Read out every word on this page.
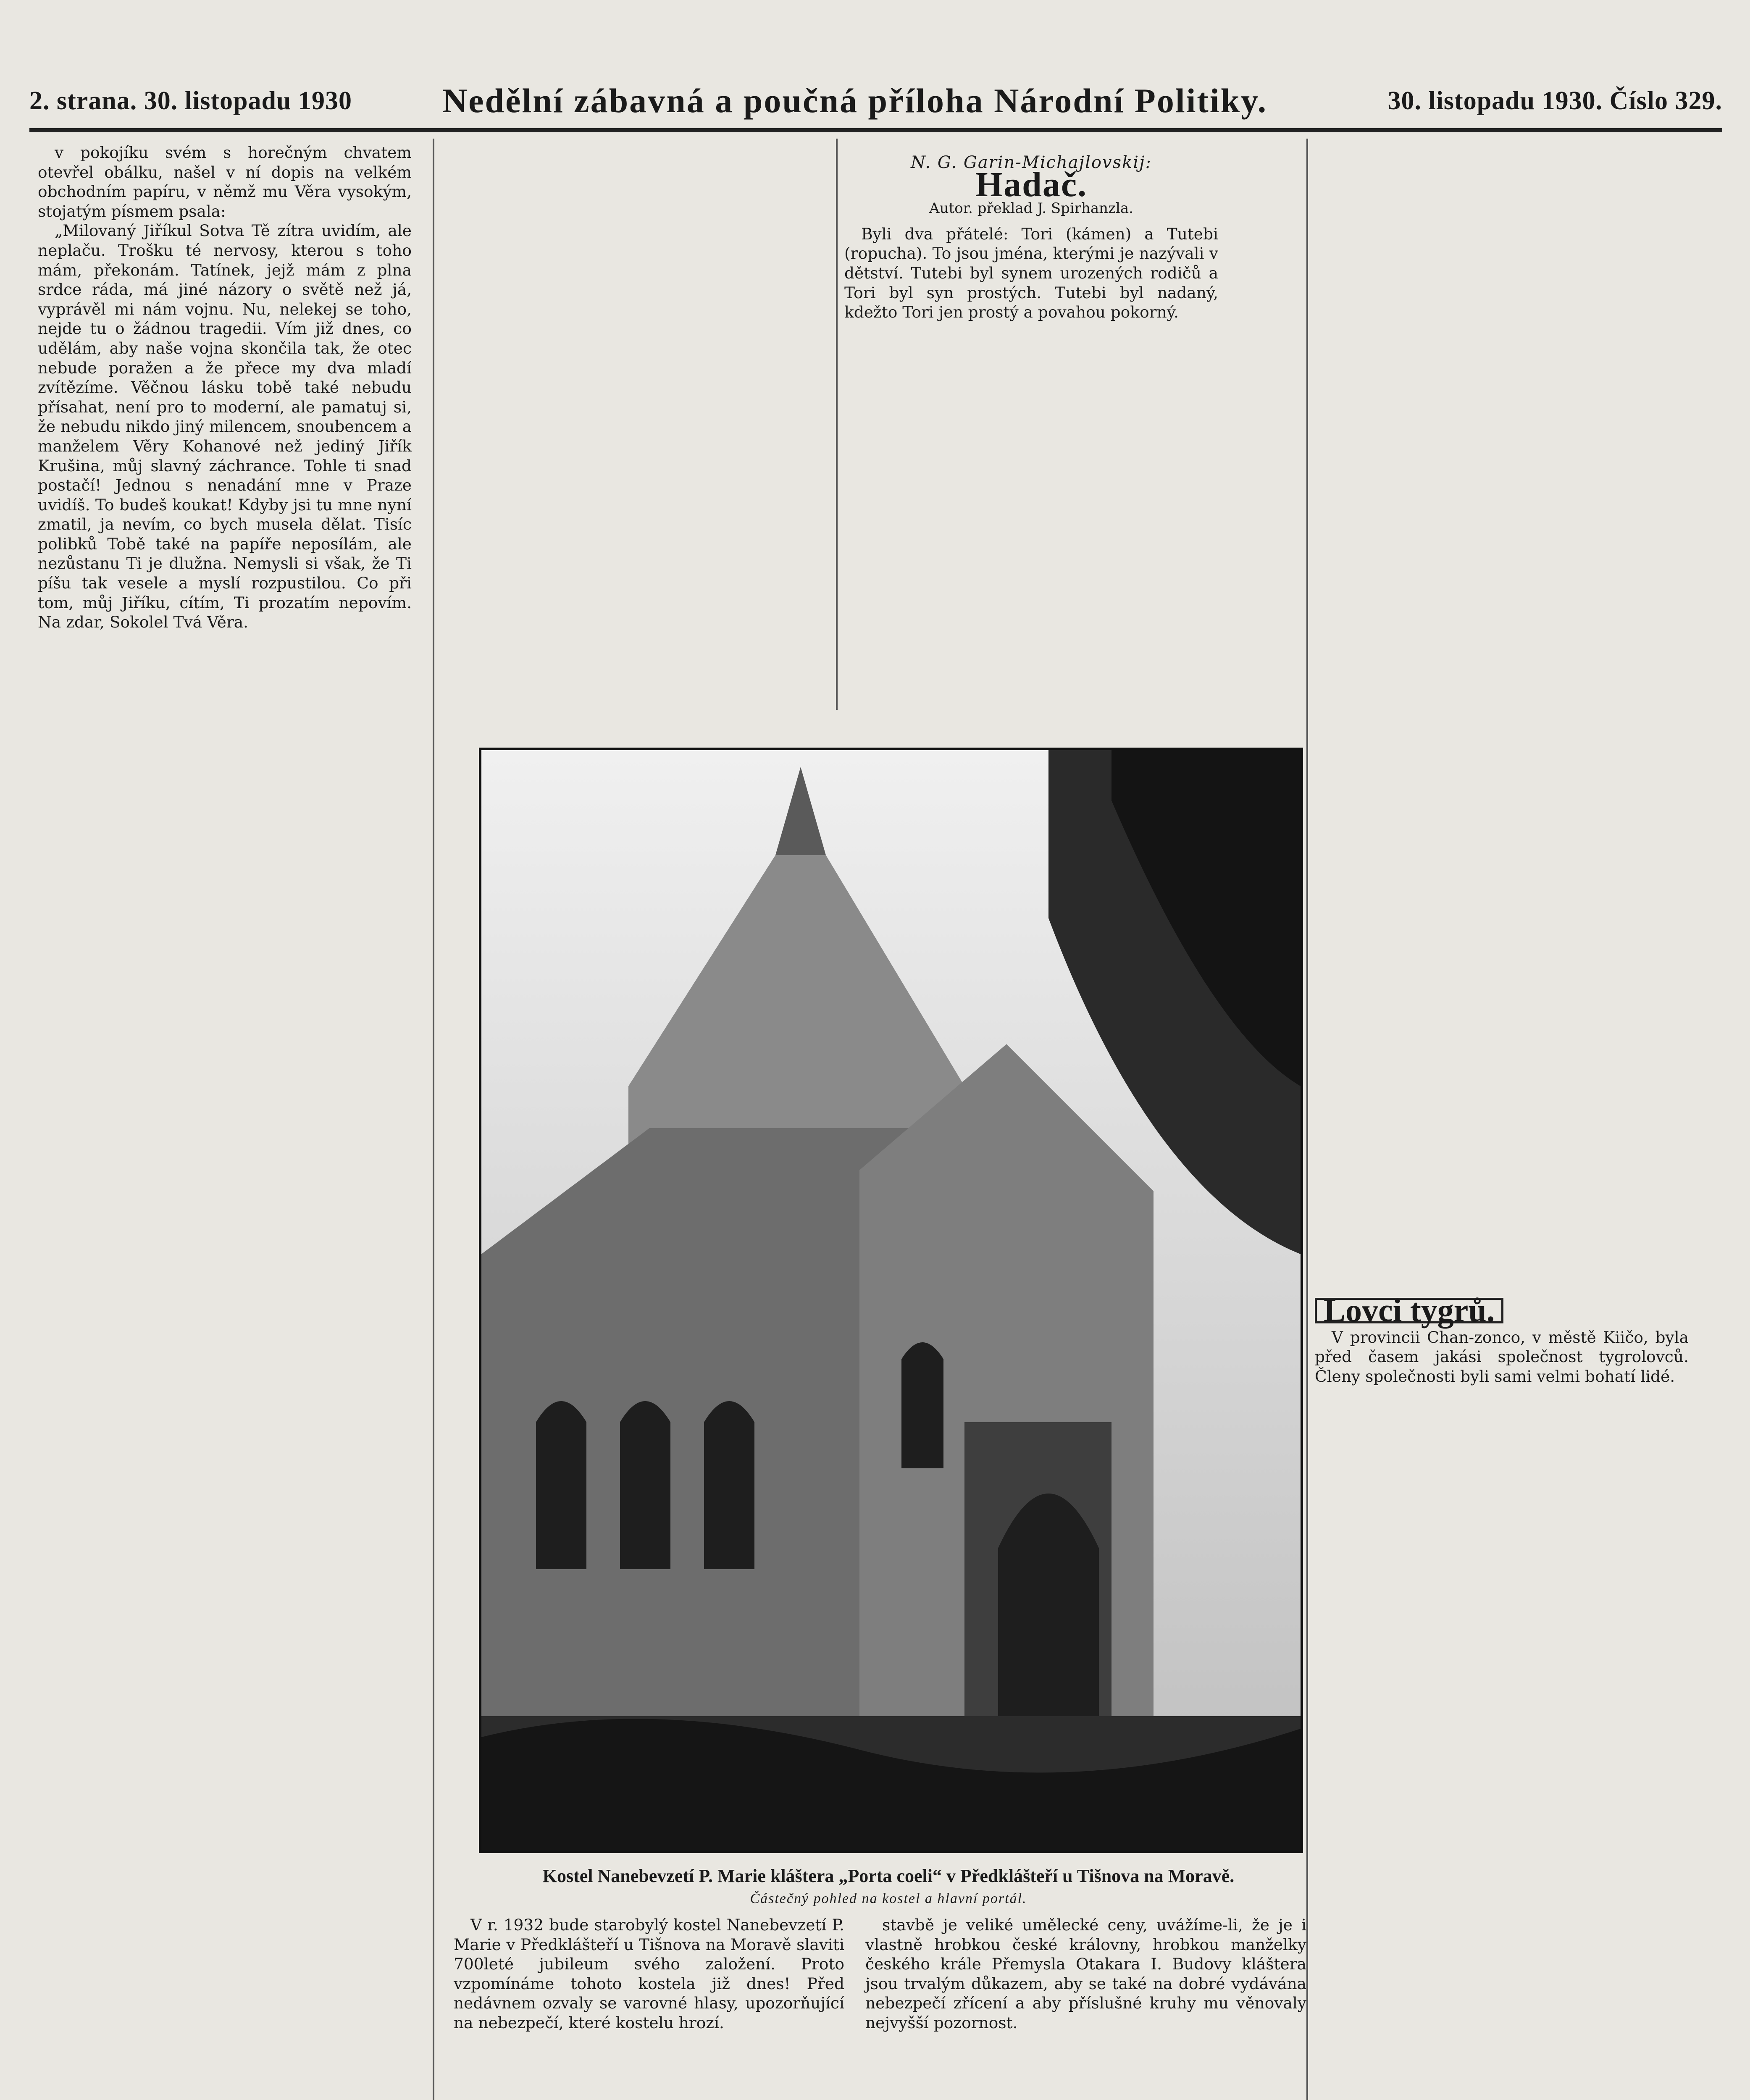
2. strana. 30. listopadu 1930	Nedělní zábavná a poučná příloha Národní Politiky.	30. listopadu 1930. Číslo 329.

v pokojíku svém s horečným chvatem otevřel obálku, našel v ní dopis na velkém obchodním papíru, v němž mu Věra vysokým, stojatým písmem psala:

„Milovaný Jiříkul Sotva Tě zítra uvidím, ale neplaču. Trošku té nervosy, kterou s toho mám, překonám. Tatínek, jejž mám z plna srdce ráda, má jiné názory o světě než já, vyprávěl mi nám vojnu. Nu, nelekej se toho, nejde tu o žádnou tragedii. Vím již dnes, co udělám, aby naše vojna skončila tak, že otec nebude poražen a že přece my dva mladí zvítězíme. Věčnou lásku tobě také nebudu přísahat, není pro to moderní, ale pamatuj si, že nebudu nikdo jiný milencem, snoubencem a manželem Věry Kohanové než jediný Jiřík Krušina, můj slavný záchrance. Tohle ti snad postačí! Jednou s nenadání mne v Praze uvidíš. To budeš koukat! Kdyby jsi tu mne nyní zmatil, ja nevím, co bych musela dělat. Tisíc polibků Tobě také na papíře neposílám, ale nezůstanu Ti je dlužna. Nemysli si však, že Ti píšu tak vesele a myslí rozpustilou. Co při tom, můj Jiříku, cítím, Ti prozatím nepovím. Na zdar, Sokolel Tvá Věra.

N. G. Garin-Michajlovskij:
Hadač.
Autor. překlad J. Spirhanzla.

Byli dva přátelé: Tori (kámen) a Tutebi (ropucha). To jsou jména, kterými je nazývali v dětství. Tutebi byl synem urozených rodičů a Tori byl syn prostých. Tutebi byl nadaný, kdežto Tori jen prostý a povahou pokorný.

Kostel Nanebevzetí P. Marie kláštera „Porta coeli“ v Předklášteří u Tišnova na Moravě.
Částečný pohled na kostel a hlavní portál.

V r. 1932 bude starobylý kostel Nanebevzetí P. Marie v Předklášteří u Tišnova na Moravě slaviti 700leté jubileum svého založení. Proto vzpomínáme tohoto kostela již dnes! Před nedávnem ozvaly se varovné hlasy, upozorňující na nebezpečí, které kostelu hrozí.

stavbě je veliké umělecké ceny, uvážíme-li, že je i vlastně hrobkou české královny, hrobkou manželky českého krále Přemysla Otakara I. Budovy kláštera jsou trvalým důkazem, aby se také na dobré vydávána nebezpečí zřícení a aby příslušné kruhy mu věnovaly nejvyšší pozornost.

Lovci tygrů.

V provincii Chan-zonco, v městě Kiičo, byla před časem jakási společnost tygrolovců. Členy společnosti byli sami velmi bohatí lidé.
